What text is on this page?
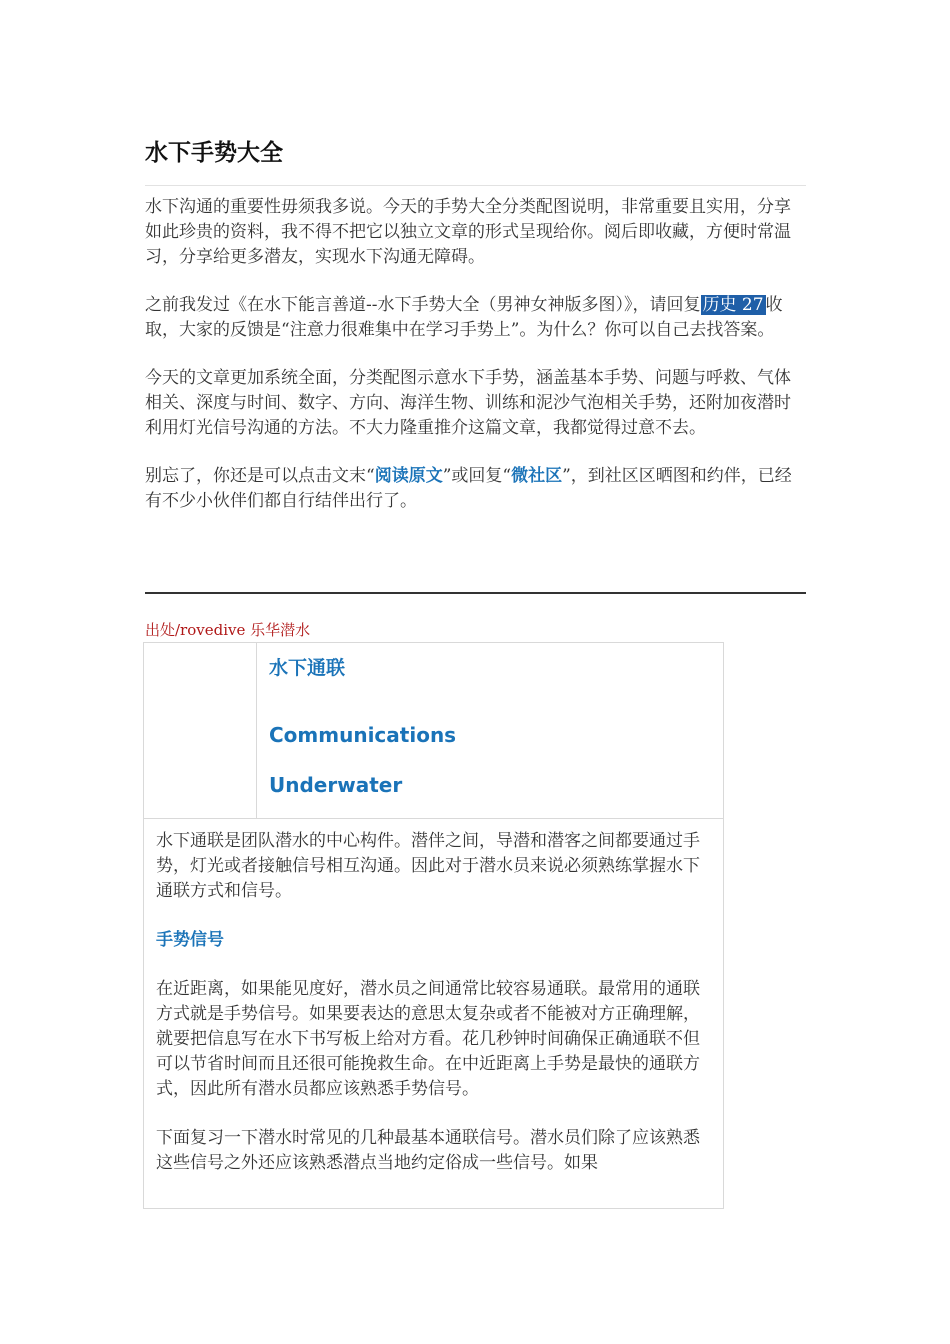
水下手势大全

水下沟通的重要性毋须我多说。今天的手势大全分类配图说明，非常重要且实用，分享如此珍贵的资料，我不得不把它以独立文章的形式呈现给你。阅后即收藏，方便时常温习，分享给更多潜友，实现水下沟通无障碍。

之前我发过《在水下能言善道--水下手势大全（男神女神版多图）》，请回复 历史 27 收取，大家的反馈是“注意力很难集中在学习手势上”。为什么？你可以自己去找答案。

今天的文章更加系统全面，分类配图示意水下手势，涵盖基本手势、问题与呼救、气体相关、深度与时间、数字、方向、海洋生物、训练和泥沙气泡相关手势，还附加夜潜时利用灯光信号沟通的方法。不大力隆重推介这篇文章，我都觉得过意不去。

别忘了，你还是可以点击文末“阅读原文”或回复“微社区”，到社区区晒图和约伴，已经有不少小伙伴们都自行结伴出行了。

出处/rovedive 乐华潜水
水下通联
Communications
Underwater

水下通联是团队潜水的中心构件。潜伴之间，导潜和潜客之间都要通过手势，灯光或者接触信号相互沟通。因此对于潜水员来说必须熟练掌握水下通联方式和信号。

手势信号

在近距离，如果能见度好，潜水员之间通常比较容易通联。最常用的通联方式就是手势信号。如果要表达的意思太复杂或者不能被对方正确理解，就要把信息写在水下书写板上给对方看。花几秒钟时间确保正确通联不但可以节省时间而且还很可能挽救生命。在中近距离上手势是最快的通联方式，因此所有潜水员都应该熟悉手势信号。

下面复习一下潜水时常见的几种最基本通联信号。潜水员们除了应该熟悉这些信号之外还应该熟悉潜点当地约定俗成一些信号。如果
